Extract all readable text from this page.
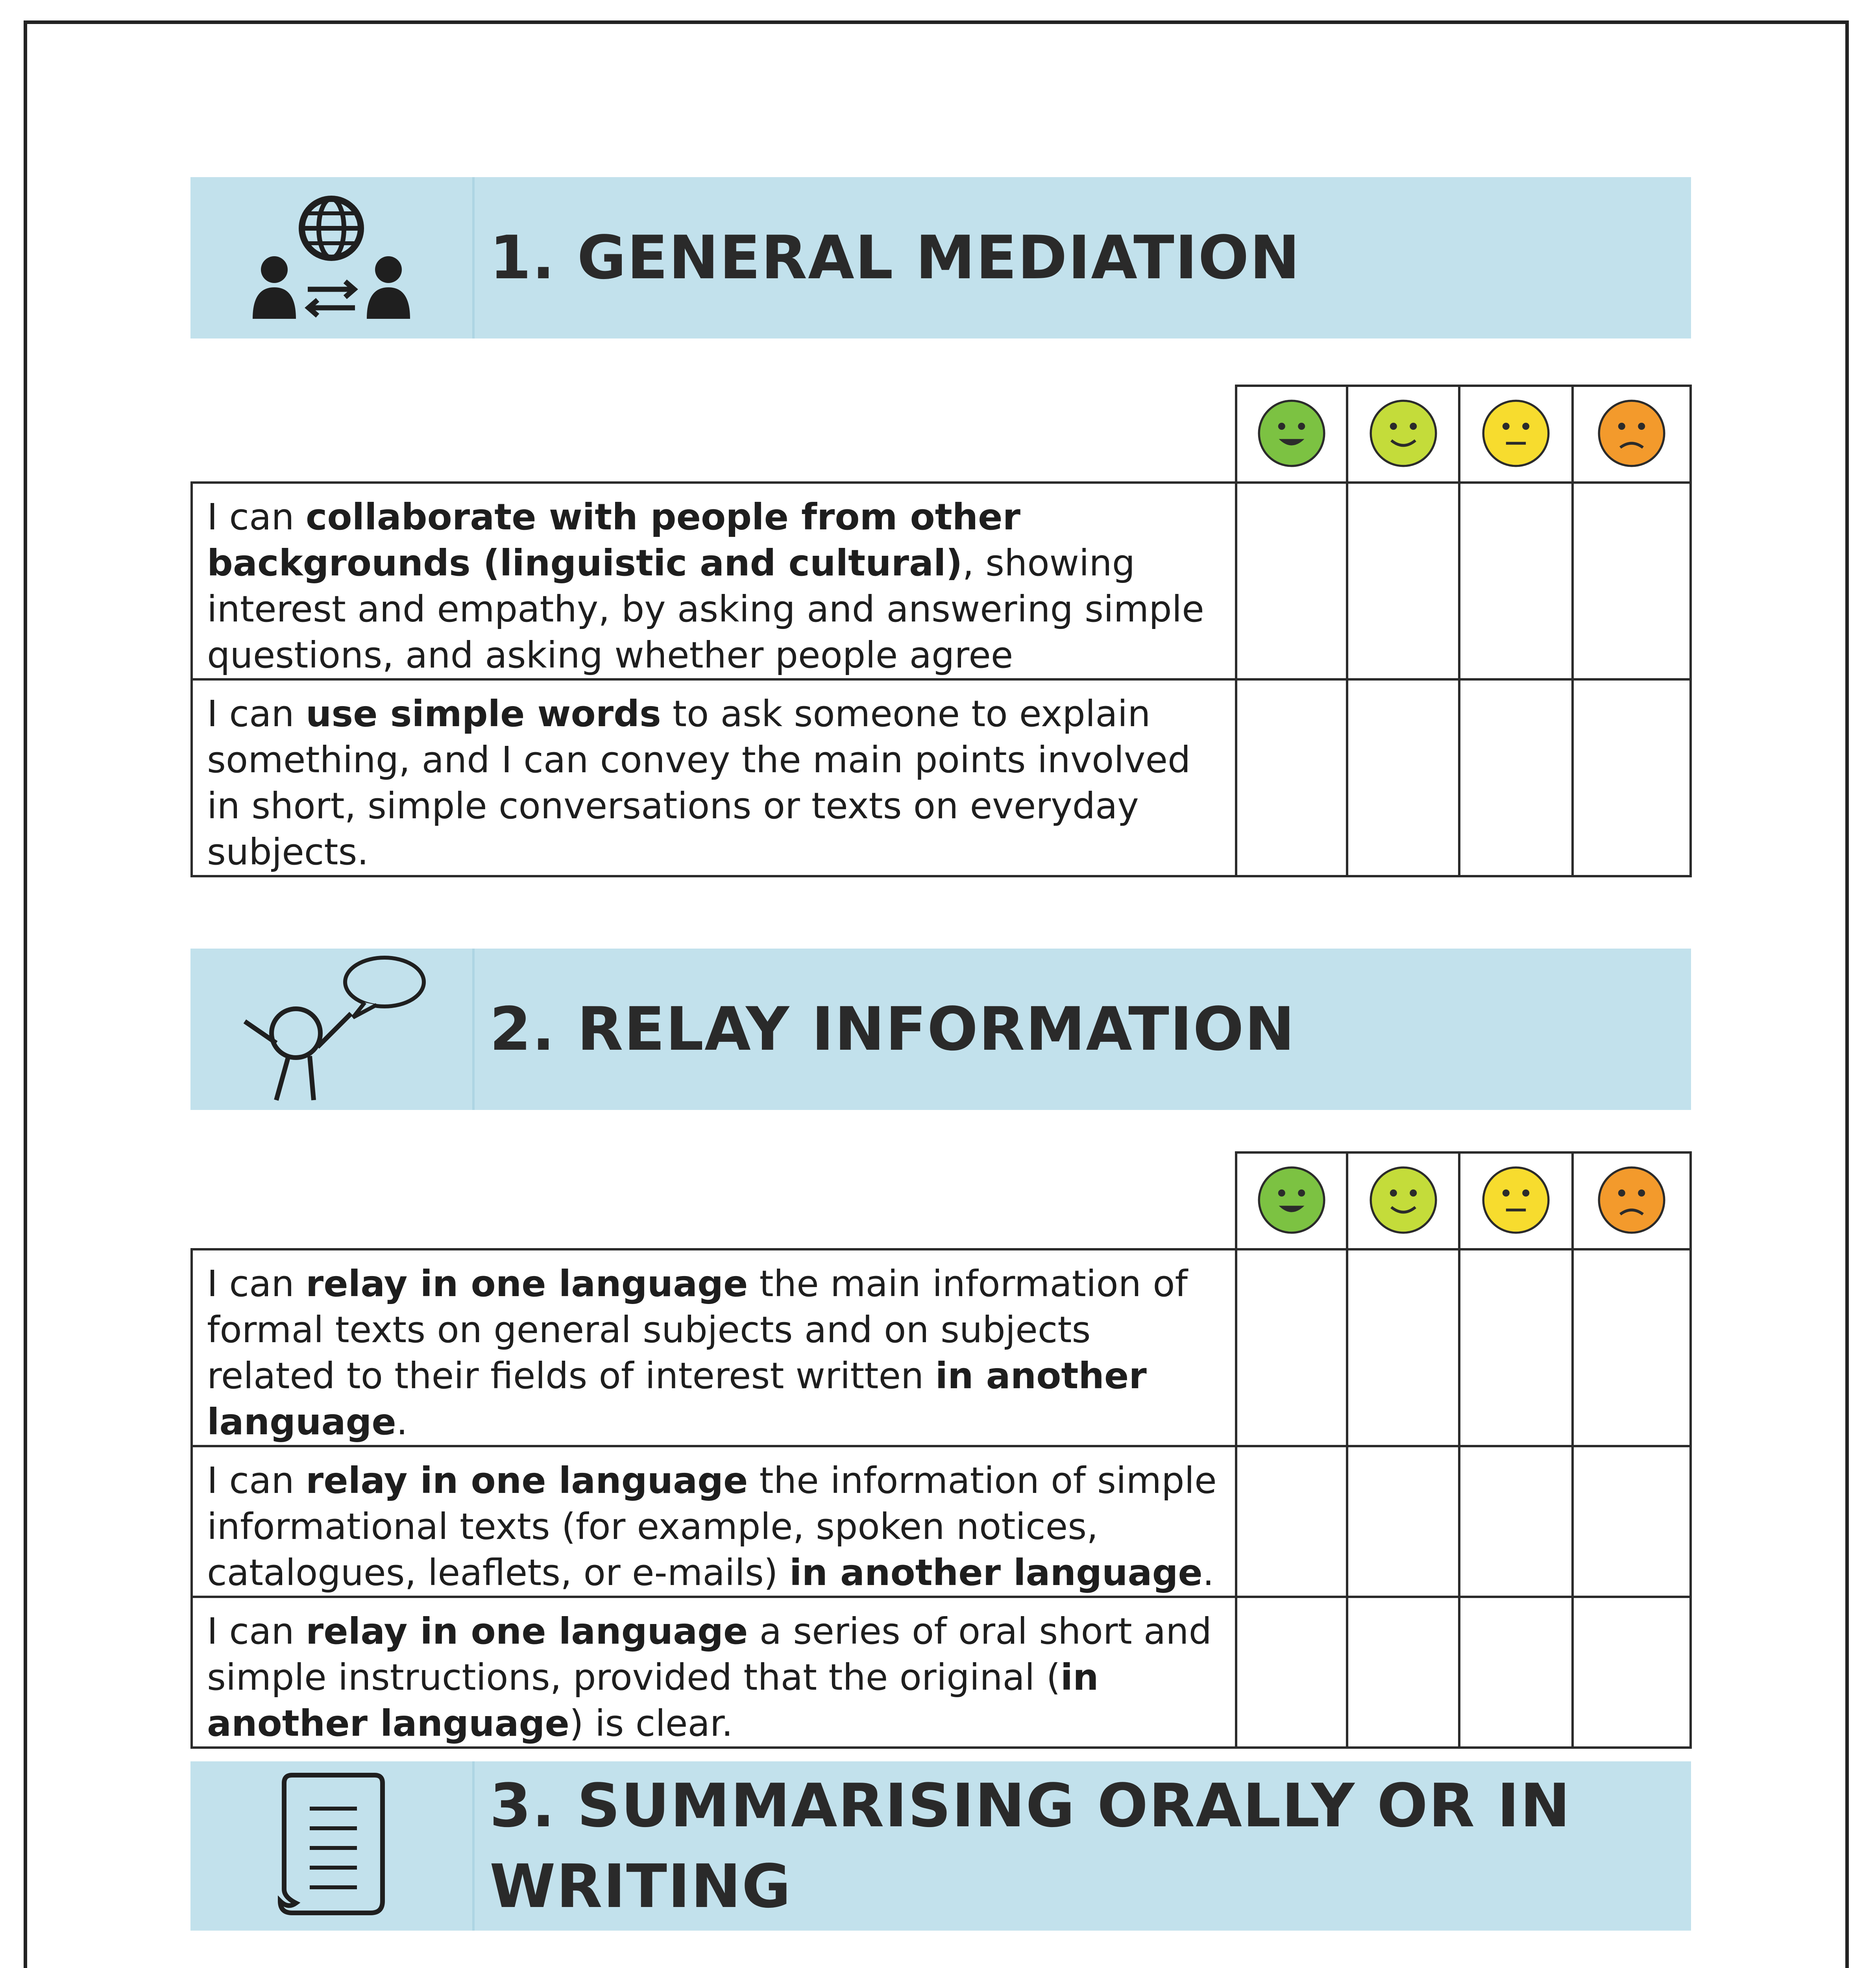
1. GENERAL MEDIATION

I can collaborate with people from other backgrounds (linguistic and cultural), showing interest and empathy, by asking and answering simple questions, and asking whether people agree				
I can use simple words to ask someone to explain something, and I can convey the main points involved in short, simple conversations or texts on everyday subjects.				
2. RELAY INFORMATION

I can relay in one language the main information of formal texts on general subjects and on subjects related to their fields of interest written in another language.				
I can relay in one language the information of simple informational texts (for example, spoken notices, catalogues, leaflets, or e-mails) in another language.				
I can relay in one language a series of oral short and simple instructions, provided that the original (in another language) is clear.				
3. SUMMARISING ORALLY OR IN WRITING
